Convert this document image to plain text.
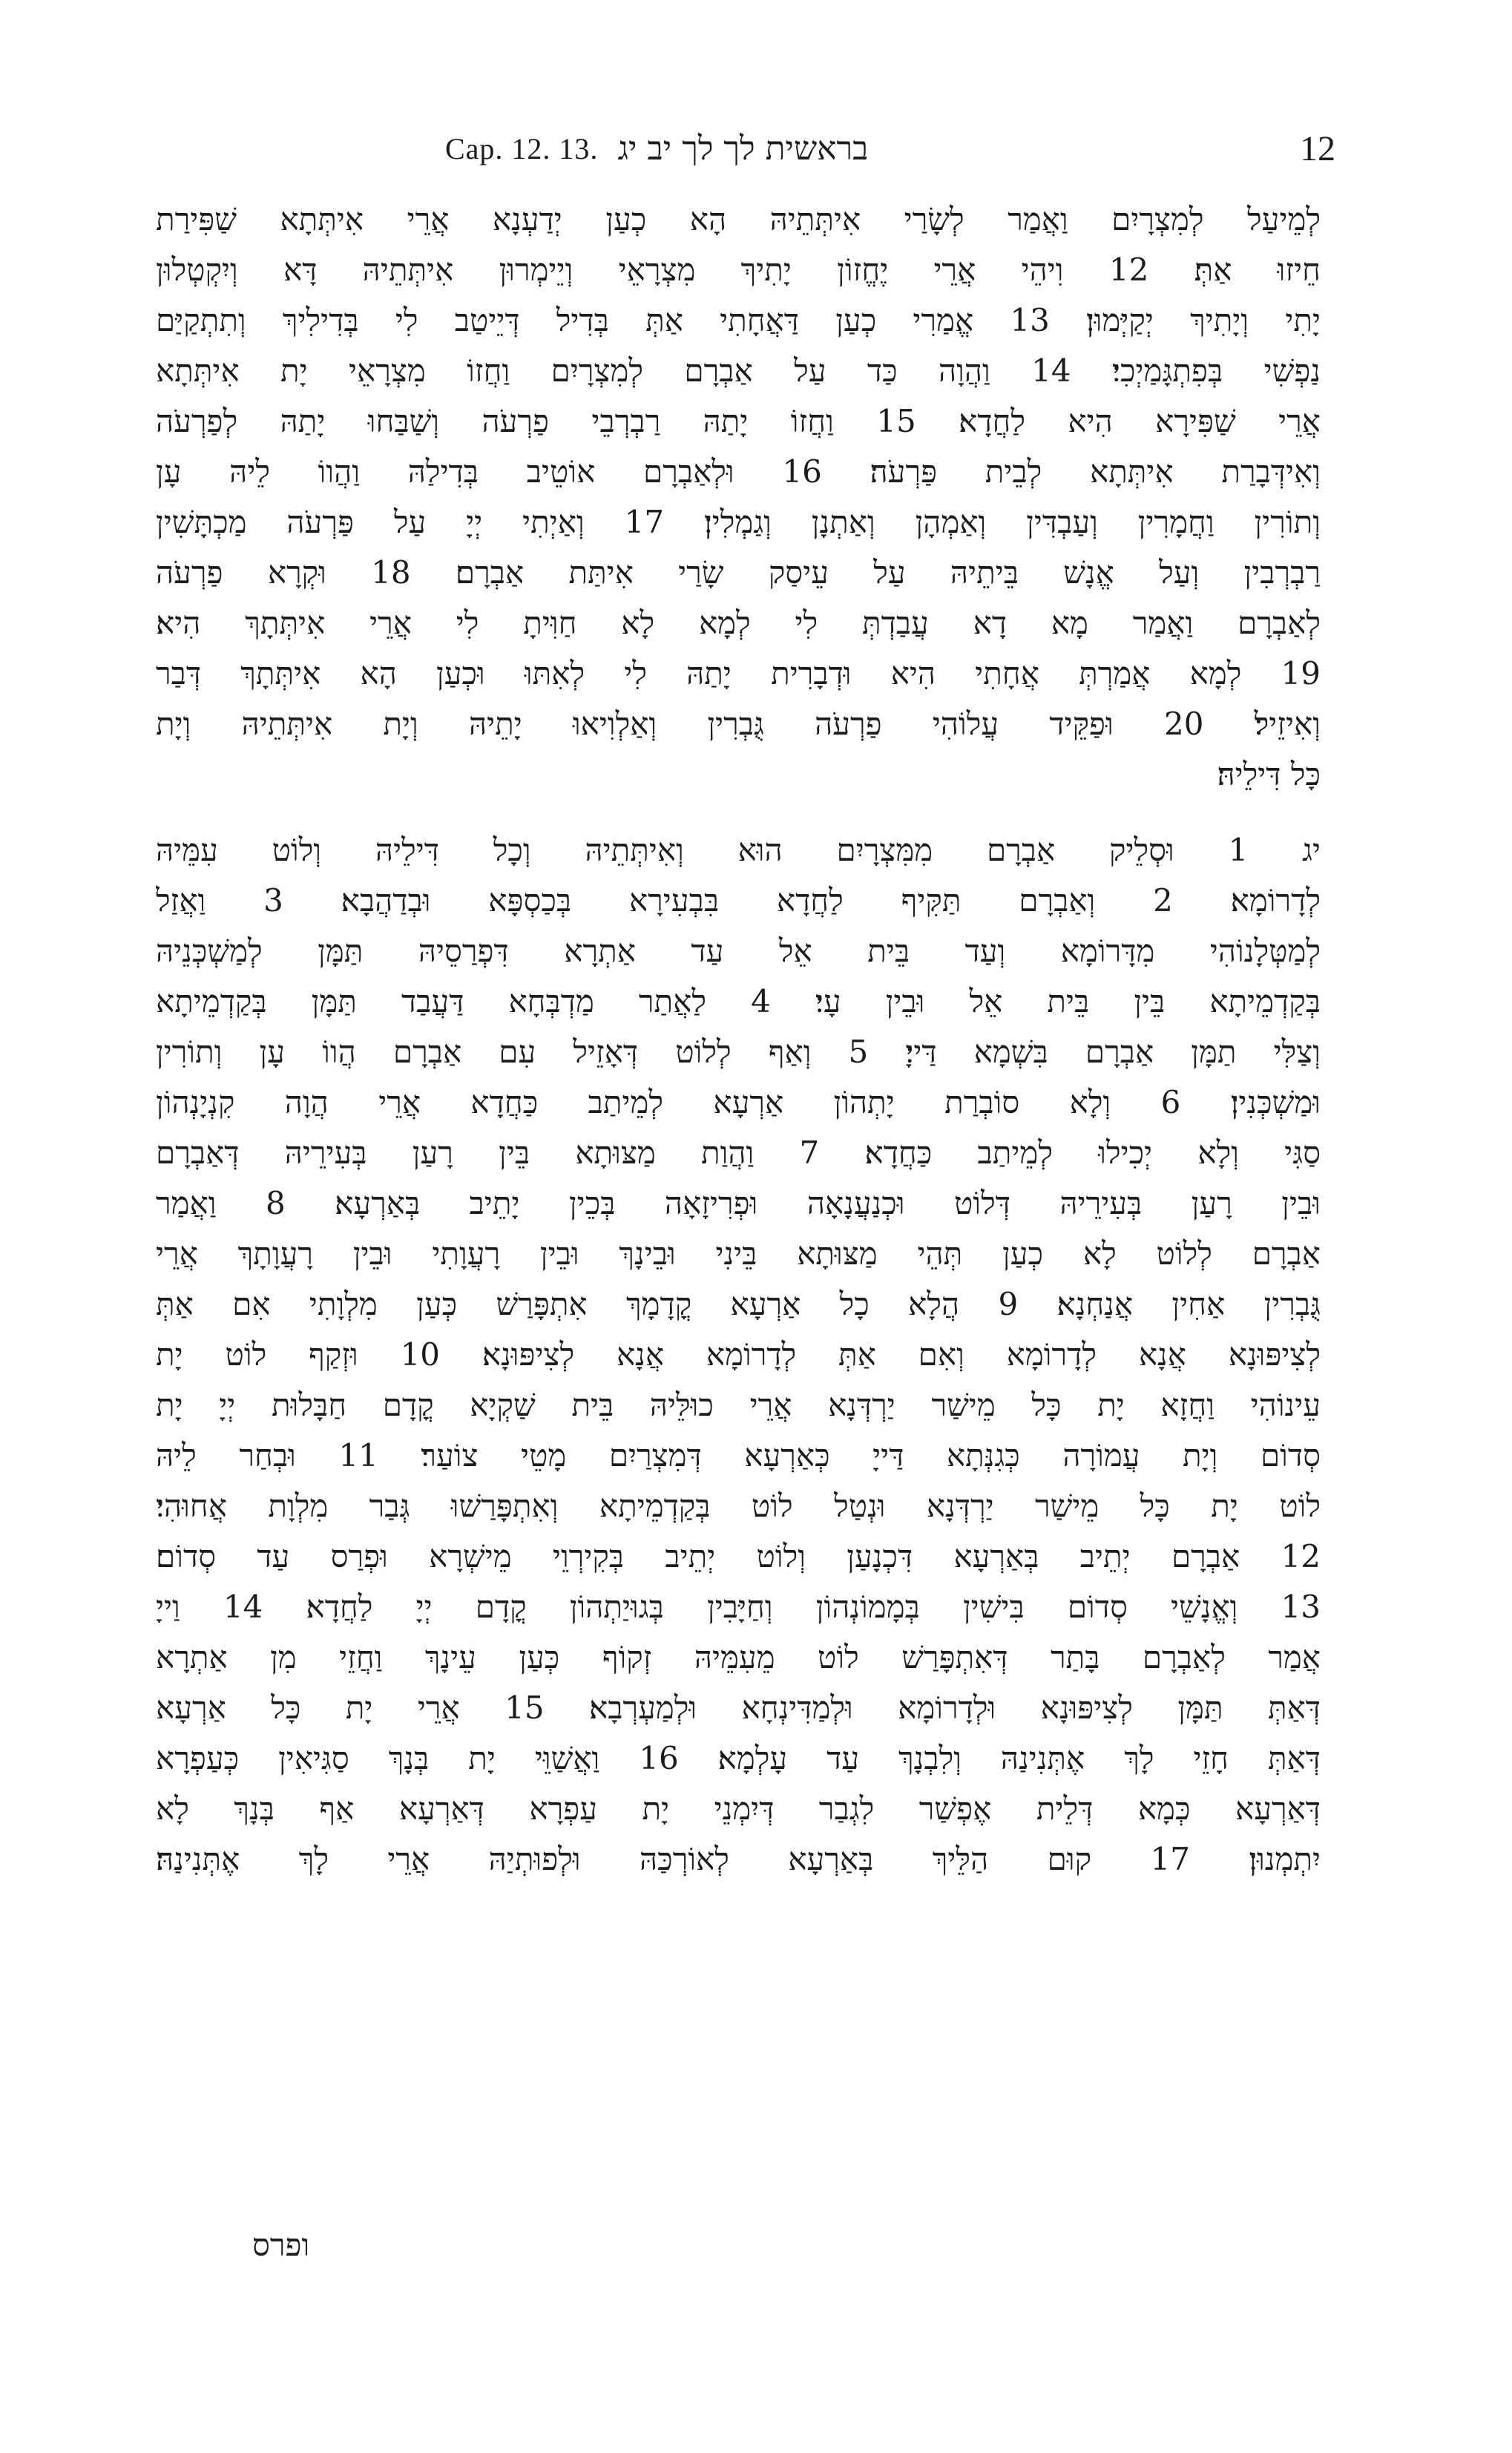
Cap. 12. 13. בראשית לך לך יב יג	12
לְמֵיעַל לְמִצְרָיִם וַאֲמַר לְשָׂרַי אִיתְּתֵיהּ הָא כְעַן יְדַעְנָא אֲרֵי אִיתְּתָא שַׁפִּירַת
חֵיזוּ אַתְּ׃ 12 וִיהֵי אֲרֵי יֶחֱזוֹן יָתִיךְ מִצְרָאֵי וְיֵימְרוּן אִיתְּתֵיהּ דָּא וְיִקְטְלוּן
יָתִי וְיָתִיךְ יְקַיְּמוּן׃ 13 אֱמַרִי כְעַן דַּאֲחָתִי אַתְּ בְּדִיל דְּיֵיטַב לִי בְּדִילִיךְ וְתִתְקַיַּם
נַפְשִׁי בְּפִתְגָּמַיְכִי׃ 14 וַהֲוָה כַּד עַל אַבְרָם לְמִצְרָיִם וַחֲזוֹ מִצְרָאֵי יָת אִיתְּתָא
אֲרֵי שַׁפִּירָא הִיא לַחֲדָא׃ 15 וַחֲזוֹ יָתַהּ רַבְרְבֵי פַרְעֹה וְשַׁבַּחוּ יָתַהּ לְפַרְעֹה
וְאִידְּבָרַת אִיתְּתָא לְבֵית פַּרְעֹה׃ 16 וּלְאַבְרָם אוֹטֵיב בְּדִילַהּ וַהֲווֹ לֵיהּ עָן
וְתוֹרִין וַחֲמָרִין וְעַבְדִּין וְאַמְהָן וְאַתְנָן וְגַמְלִין׃ 17 וְאַיְתִי יְיָ עַל פַּרְעֹה מַכְתָּשִׁין
רַבְרְבִין וְעַל אֱנָשׁ בֵּיתֵיהּ עַל עֵיסַק שָׂרַי אִיתַּת אַבְרָם׃ 18 וּקְרָא פַרְעֹה
לְאַבְרָם וַאֲמַר מָא דָא עֲבַדְתְּ לִי לְמָא לָא חַוִּיתָ לִי אֲרֵי אִיתְּתָךְ הִיא׃
19 לְמָא אֲמַרְתְּ אֲחָתִי הִיא וּדְבָרִית יָתַהּ לִי לְאִתּוּ וּכְעַן הָא אִיתְּתָךְ דְּבַר
וְאִיזֵיל׃ 20 וּפַקֵּיד עֲלוֹהִי פַרְעֹה גֻּבְרִין וְאַלְוִיאוּ יָתֵיהּ וְיָת אִיתְּתֵיהּ וְיָת
כָּל דִּילֵיהּ׃
יג 1 וּסְלֵיק אַבְרָם מִמִּצְרָיִם הוּא וְאִיתְּתֵיהּ וְכָל דִּילֵיהּ וְלוֹט עִמֵּיהּ
לְדָרוֹמָא׃ 2 וְאַבְרָם תַּקִּיף לַחֲדָא בִּבְעִירָא בְּכַסְפָּא וּבְדַהֲבָא׃ 3 וַאֲזַל
לְמַטְּלָנוֹהִי מִדָּרוֹמָא וְעַד בֵּית אֵל עַד אַתְרָא דִּפְרַסֵיהּ תַּמָּן לְמַשְׁכְּנֵיהּ
בְּקַדְמֵיתָא בֵּין בֵּית אֵל וּבֵין עָי׃ 4 לַאֲתַר מַדְבְּחָא דַּעֲבַד תַּמָּן בְּקַדְמֵיתָא
וְצַלִּי תַמָּן אַבְרָם בִּשְׁמָא דַּייָ׃ 5 וְאַף לְלוֹט דְּאָזֵיל עִם אַבְרָם הֲווֹ עָן וְתוֹרִין
וּמַשְׁכְּנִין׃ 6 וְלָא סוֹבְרַת יָתְהוֹן אַרְעָא לְמֵיתַב כַּחֲדָא אֲרֵי הֲוָה קִנְיָנְהוֹן
סַגִּי וְלָא יְכִילוּ לְמֵיתַב כַּחֲדָא׃ 7 וַהֲוַת מַצּוּתָא בֵּין רָעַן בְּעִירֵיהּ דְּאַבְרָם
וּבֵין רָעַן בְּעִירֵיהּ דְּלוֹט וּכְנַעֲנָאָה וּפְרִיזָאָה בְּכֵין יָתֵיב בְּאַרְעָא׃ 8 וַאֲמַר
אַבְרָם לְלוֹט לָא כְעַן תְּהֵי מַצּוּתָא בֵּינִי וּבֵינָךְ וּבֵין רָעֲוָתִי וּבֵין רָעֲוָתָךְ אֲרֵי
גֻּבְרִין אַחִין אֲנַחְנָא׃ 9 הֲלָא כָל אַרְעָא קֳדָמָךְ אִתְפָּרַשׁ כְּעַן מִלְוָתִי אִם אַתְּ
לְצִיפּוּנָא אֲנָא לְדָרוֹמָא וְאִם אַתְּ לְדָרוֹמָא אֲנָא לְצִיפּוּנָא׃ 10 וּזְקַף לוֹט יָת
עֵינוֹהִי וַחֲזָא יָת כָּל מֵישַׁר יַרְדְּנָא אֲרֵי כוּלֵּיהּ בֵּית שַׁקְיָא קֳדָם חַבָּלוּת יְיָ יָת
סְדוֹם וְיָת עֲמוֹרָה כְּגִנְּתָא דַּייָ כְּאַרְעָא דְּמִצְרַיִם מָטֵי צוֹעַר׃ 11 וּבְחַר לֵיהּ
לוֹט יָת כָּל מֵישַׁר יַרְדְּנָא וּנְטַל לוֹט בְּקַדְמֵיתָא וְאִתְפָּרַשׁוּ גְּבַר מִלְוָת אֲחוּהִי׃
12 אַבְרָם יְתֵיב בְּאַרְעָא דִּכְנָעַן וְלוֹט יְתֵיב בְּקִירְוֵי מֵישְׁרָא וּפְרַס עַד סְדוֹם׃
13 וְאֱנָשֵׁי סְדוֹם בִּישִׁין בְּמָמוֹנְהוֹן וְחַיָּבִין בְּגוּיַתְהוֹן קֳדָם יְיָ לַחֲדָא׃ 14 וַייָ
אֲמַר לְאַבְרָם בָּתַר דְּאִתְפָּרַשׁ לוֹט מֵעִמֵּיהּ זְקוֹף כְּעַן עֵינָךְ וַחֲזֵי מִן אַתְרָא
דְּאַתְּ תַּמָּן לְצִיפּוּנָא וּלְדָרוֹמָא וּלְמַדִּינְחָא וּלְמַעְרְבָא׃ 15 אֲרֵי יָת כָּל אַרְעָא
דְּאַתְּ חָזֵי לָךְ אֶתְּנִינַהּ וְלִבְנָךְ עַד עָלְמָא׃ 16 וַאֲשַׁוֵּי יָת בְּנָךְ סַגִּיאִין כְּעַפְרָא
דְּאַרְעָא כְּמָא דְּלֵית אֶפְשַׁר לִגְבַר דְּיִמְנֵי יָת עַפְרָא דְּאַרְעָא אַף בְּנָךְ לָא
יִתְמְנוּן׃ 17 קוּם הַלֵּיךְ בְּאַרְעָא לְאוֹרְכַּהּ וּלְפוּתְיַהּ אֲרֵי לָךְ אֶתְּנִינַהּ׃
ופרס
